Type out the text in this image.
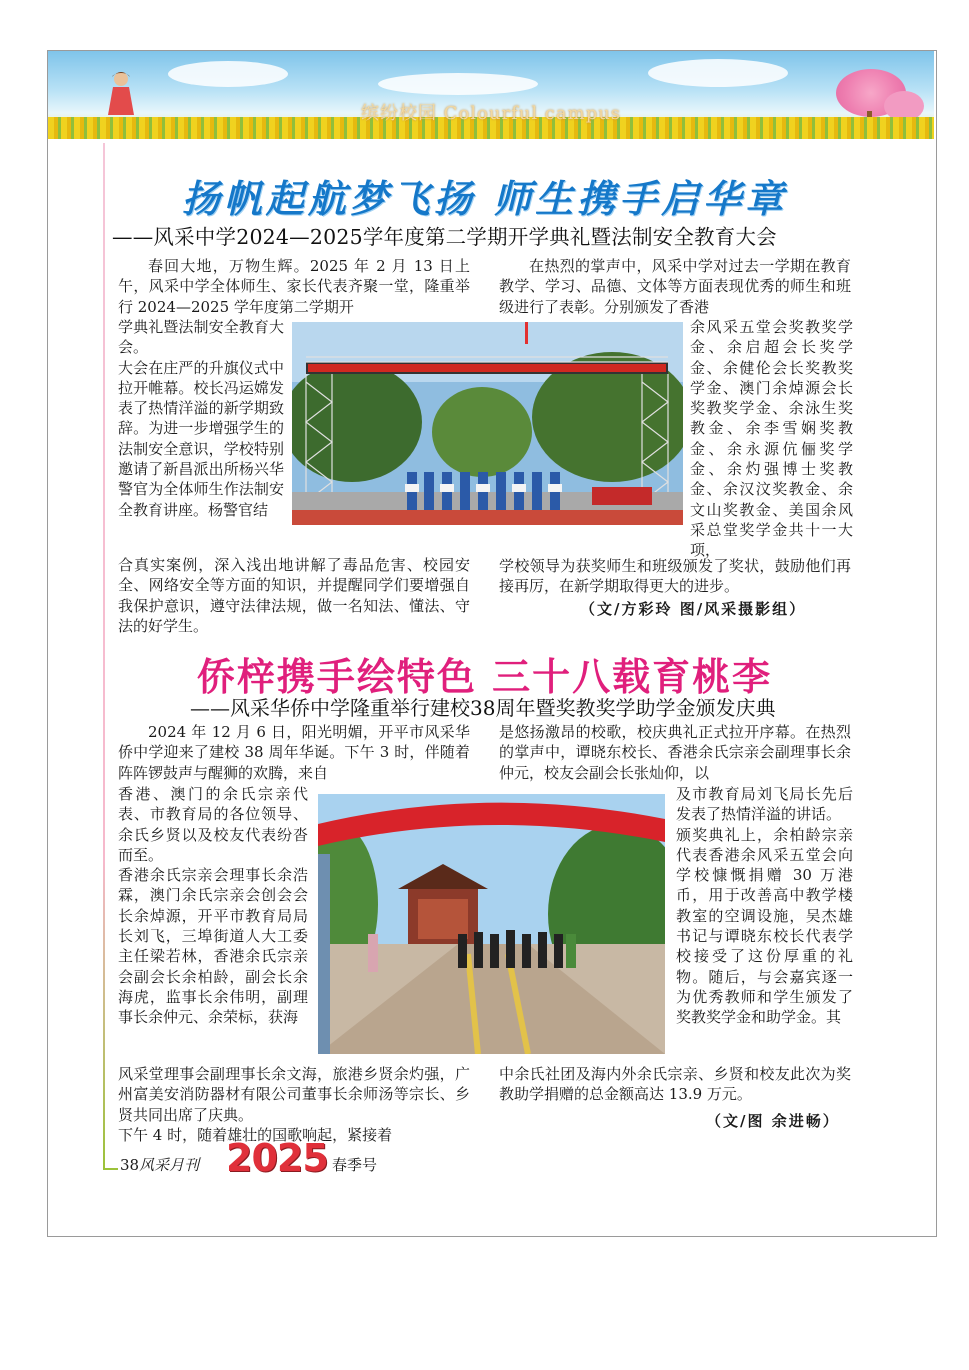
缤纷校园 Colourful campus
扬帆起航梦飞扬 师生携手启华章
——风采中学2024—2025学年度第二学期开学典礼暨法制安全教育大会

春回大地，万物生辉。2025 年 2 月 13 日上午，风采中学全体师生、家长代表齐聚一堂，隆重举行 2024—2025 学年度第二学期开

学典礼暨法制安全教育大会。
大会在庄严的升旗仪式中拉开帷幕。校长冯运嫦发表了热情洋溢的新学期致辞。为进一步增强学生的法制安全意识，学校特别邀请了新昌派出所杨兴华警官为全体师生作法制安全教育讲座。杨警官结

合真实案例，深入浅出地讲解了毒品危害、校园安全、网络安全等方面的知识，并提醒同学们要增强自我保护意识，遵守法律法规，做一名知法、懂法、守法的好学生。

在热烈的掌声中，风采中学对过去一学期在教育教学、学习、品德、文体等方面表现优秀的师生和班级进行了表彰。分别颁发了香港

余风采五堂会奖教奖学金、余启超会长奖学金、余健伦会长奖教奖学金、澳门余焯源会长奖教奖学金、余泳生奖教金、余李雪娴奖教金、余永源伉俪奖学金、余灼强博士奖教金、余汉汶奖教金、余文山奖教金、美国余风采总堂奖学金共十一大项，

学校领导为获奖师生和班级颁发了奖状，鼓励他们再接再厉，在新学期取得更大的进步。

（文/方彩玲 图/风采摄影组）
侨梓携手绘特色 三十八载育桃李
——风采华侨中学隆重举行建校38周年暨奖教奖学助学金颁发庆典

2024 年 12 月 6 日，阳光明媚，开平市风采华侨中学迎来了建校 38 周年华诞。下午 3 时，伴随着阵阵锣鼓声与醒狮的欢腾，来自

香港、澳门的余氏宗亲代表、市教育局的各位领导、余氏乡贤以及校友代表纷沓而至。
香港余氏宗亲会理事长余浩霖，澳门余氏宗亲会创会会长余焯源，开平市教育局局长刘飞，三埠街道人大工委主任梁若林，香港余氏宗亲会副会长余柏龄，副会长余海虎，监事长余伟明，副理事长余仲元、余荣标，获海

风采堂理事会副理事长余文海，旅港乡贤余灼强，广州富美安消防器材有限公司董事长余师汤等宗长、乡贤共同出席了庆典。
下午 4 时，随着雄壮的国歌响起，紧接着

是悠扬激昂的校歌，校庆典礼正式拉开序幕。在热烈的掌声中，谭晓东校长、香港余氏宗亲会副理事长余仲元，校友会副会长张灿仰，以

及市教育局刘飞局长先后发表了热情洋溢的讲话。
颁奖典礼上，余柏龄宗亲代表香港余风采五堂会向学校慷慨捐赠 30 万港币，用于改善高中教学楼教室的空调设施，吴杰雄书记与谭晓东校长代表学校接受了这份厚重的礼物。随后，与会嘉宾逐一为优秀教师和学生颁发了奖教奖学金和助学金。其

中余氏社团及海内外余氏宗亲、乡贤和校友此次为奖教助学捐赠的总金额高达 13.9 万元。

（文/图 余进畅）
38风采月刊 2025 春季号
